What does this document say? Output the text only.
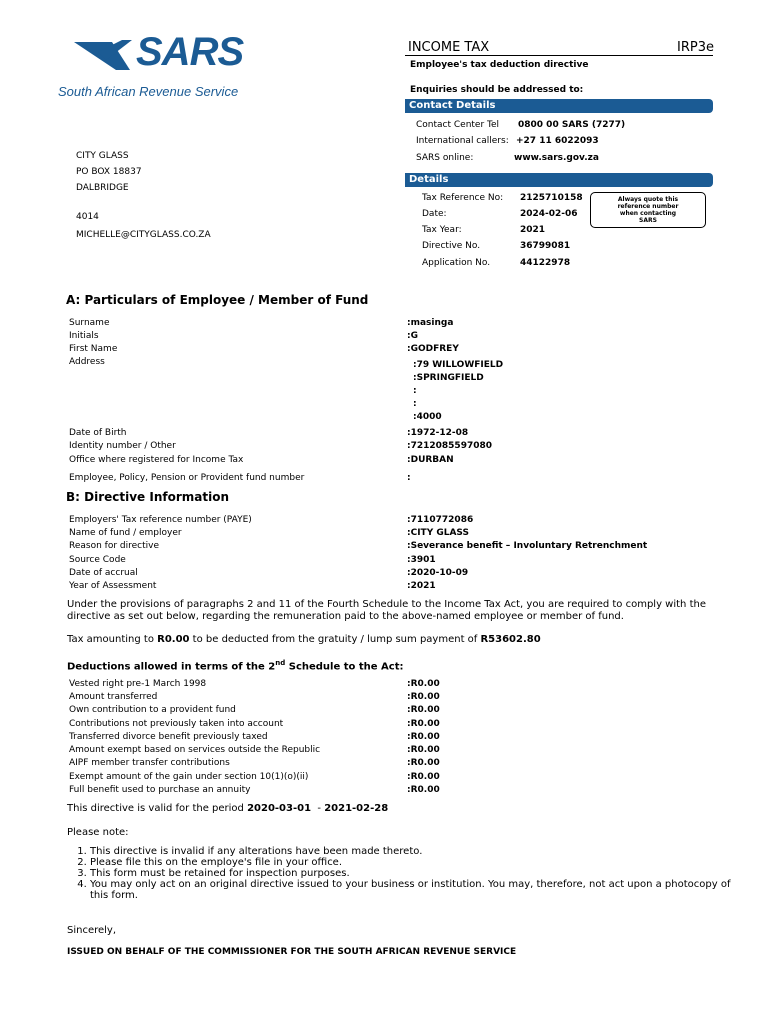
SARS
South African Revenue Service
INCOME TAX	IRP3e
Employee's tax deduction directive
Enquiries should be addressed to:
Contact Details
Contact Center Tel 0800 00 SARS (7277)
International callers: +27 11 6022093
SARS online:	www.sars.gov.za
Details
Tax Reference No: 2125710158
Date:	2024-02-06
Tax Year:	2021
Directive No.	36799081
Application No.	44122978
Always quote this
reference number
when contacting
SARS
CITY GLASS
PO BOX 18837
DALBRIDGE
4014
MICHELLE@CITYGLASS.CO.ZA
A: Particulars of Employee / Member of Fund
Surname	:masinga
Initials	:G
First Name	:GODFREY
Address	:79 WILLOWFIELD
:SPRINGFIELD
:
:
:4000
Date of Birth	:1972-12-08
Identity number / Other	:7212085597080
Office where registered for Income Tax	:DURBAN
Employee, Policy, Pension or Provident fund number	:
B: Directive Information
Employers' Tax reference number (PAYE)	:7110772086
Name of fund / employer	:CITY GLASS
Reason for directive	:Severance benefit – Involuntary Retrenchment
Source Code	:3901
Date of accrual	:2020-10-09
Year of Assessment	:2021
Under the provisions of paragraphs 2 and 11 of the Fourth Schedule to the Income Tax Act, you are required to comply with the
directive as set out below, regarding the remuneration paid to the above-named employee or member of fund.
Tax amounting to R0.00 to be deducted from the gratuity / lump sum payment of R53602.80
Deductions allowed in terms of the 2nd Schedule to the Act:
Vested right pre-1 March 1998	:R0.00
Amount transferred	:R0.00
Own contribution to a provident fund	:R0.00
Contributions not previously taken into account	:R0.00
Transferred divorce benefit previously taxed	:R0.00
Amount exempt based on services outside the Republic	:R0.00
AIPF member transfer contributions	:R0.00
Exempt amount of the gain under section 10(1)(o)(ii)	:R0.00
Full benefit used to purchase an annuity	:R0.00
This directive is valid for the period 2020-03-01  - 2021-02-28
Please note:
1. This directive is invalid if any alterations have been made thereto.
2. Please file this on the employe's file in your office.
3. This form must be retained for inspection purposes.
4. You may only act on an original directive issued to your business or institution. You may, therefore, not act upon a photocopy of this form.
Sincerely,
ISSUED ON BEHALF OF THE COMMISSIONER FOR THE SOUTH AFRICAN REVENUE SERVICE
